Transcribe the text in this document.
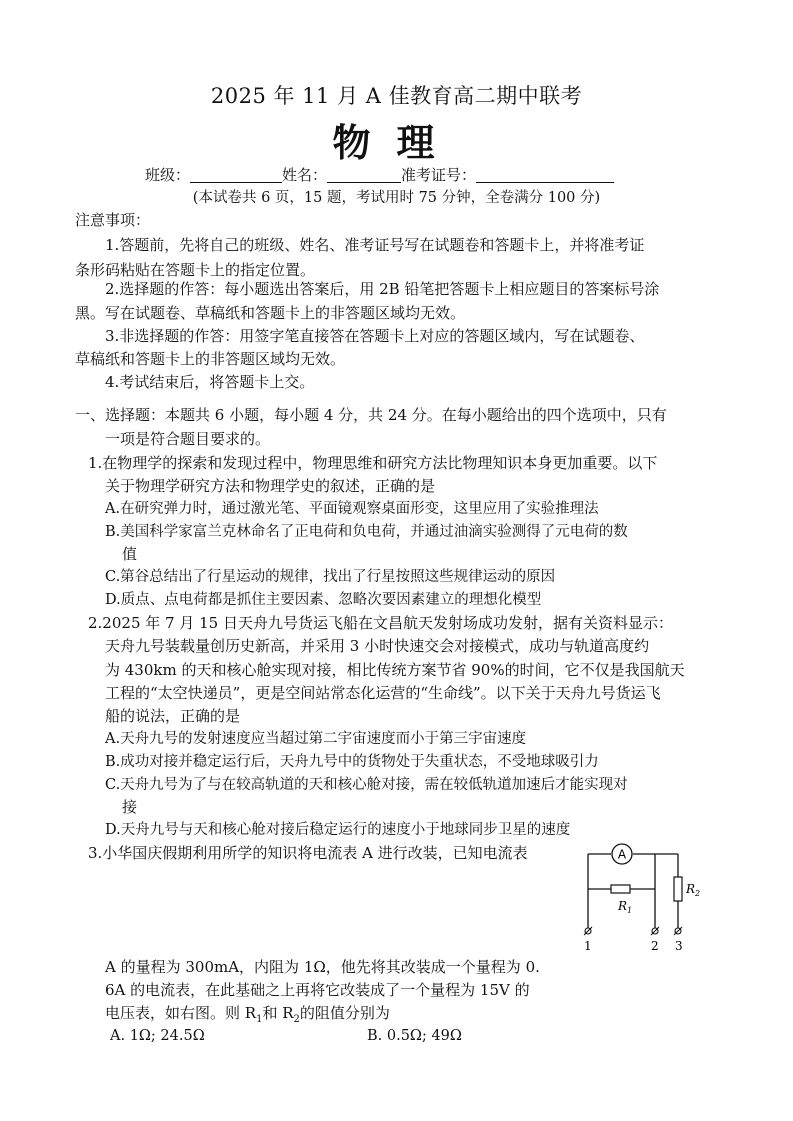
2025 年 11 月 A 佳教育高二期中联考
物理
班级：	姓名：	准考证号：
(本试卷共 6 页，15 题，考试用时 75 分钟，全卷满分 100 分)
注意事项：
1.答题前，先将自己的班级、姓名、准考证号写在试题卷和答题卡上，并将准考证
条形码粘贴在答题卡上的指定位置。
2.选择题的作答：每小题选出答案后，用 2B 铅笔把答题卡上相应题目的答案标号涂
黑。写在试题卷、草稿纸和答题卡上的非答题区域均无效。
3.非选择题的作答：用签字笔直接答在答题卡上对应的答题区域内，写在试题卷、
草稿纸和答题卡上的非答题区域均无效。
4.考试结束后，将答题卡上交。
一、选择题：本题共 6 小题，每小题 4 分，共 24 分。在每小题给出的四个选项中，只有
一项是符合题目要求的。
1.在物理学的探索和发现过程中，物理思维和研究方法比物理知识本身更加重要。以下
关于物理学研究方法和物理学史的叙述，正确的是
A.在研究弹力时，通过激光笔、平面镜观察桌面形变，这里应用了实验推理法
B.美国科学家富兰克林命名了正电荷和负电荷，并通过油滴实验测得了元电荷的数
值
C.第谷总结出了行星运动的规律，找出了行星按照这些规律运动的原因
D.质点、点电荷都是抓住主要因素、忽略次要因素建立的理想化模型
2.2025 年 7 月 15 日天舟九号货运飞船在文昌航天发射场成功发射，据有关资料显示：
天舟九号装载量创历史新高，并采用 3 小时快速交会对接模式，成功与轨道高度约
为 430km 的天和核心舱实现对接，相比传统方案节省 90%的时间，它不仅是我国航天
工程的“太空快递员”，更是空间站常态化运营的“生命线”。以下关于天舟九号货运飞
船的说法，正确的是
A.天舟九号的发射速度应当超过第二宇宙速度而小于第三宇宙速度
B.成功对接并稳定运行后，天舟九号中的货物处于失重状态，不受地球吸引力
C.天舟九号为了与在较高轨道的天和核心舱对接，需在较低轨道加速后才能实现对
接
D.天舟九号与天和核心舱对接后稳定运行的速度小于地球同步卫星的速度
3.小华国庆假期利用所学的知识将电流表 A 进行改装，已知电流表
A 的量程为 300mA，内阻为 1Ω，他先将其改装成一个量程为 0.
6A 的电流表，在此基础之上再将它改装成了一个量程为 15V 的
电压表，如右图。则 $R_1$和 $R_2$的阻值分别为
A. 1Ω; 24.5Ω	B. 0.5Ω; 49Ω
A
$R_1$
$R_2$
1	2 3
